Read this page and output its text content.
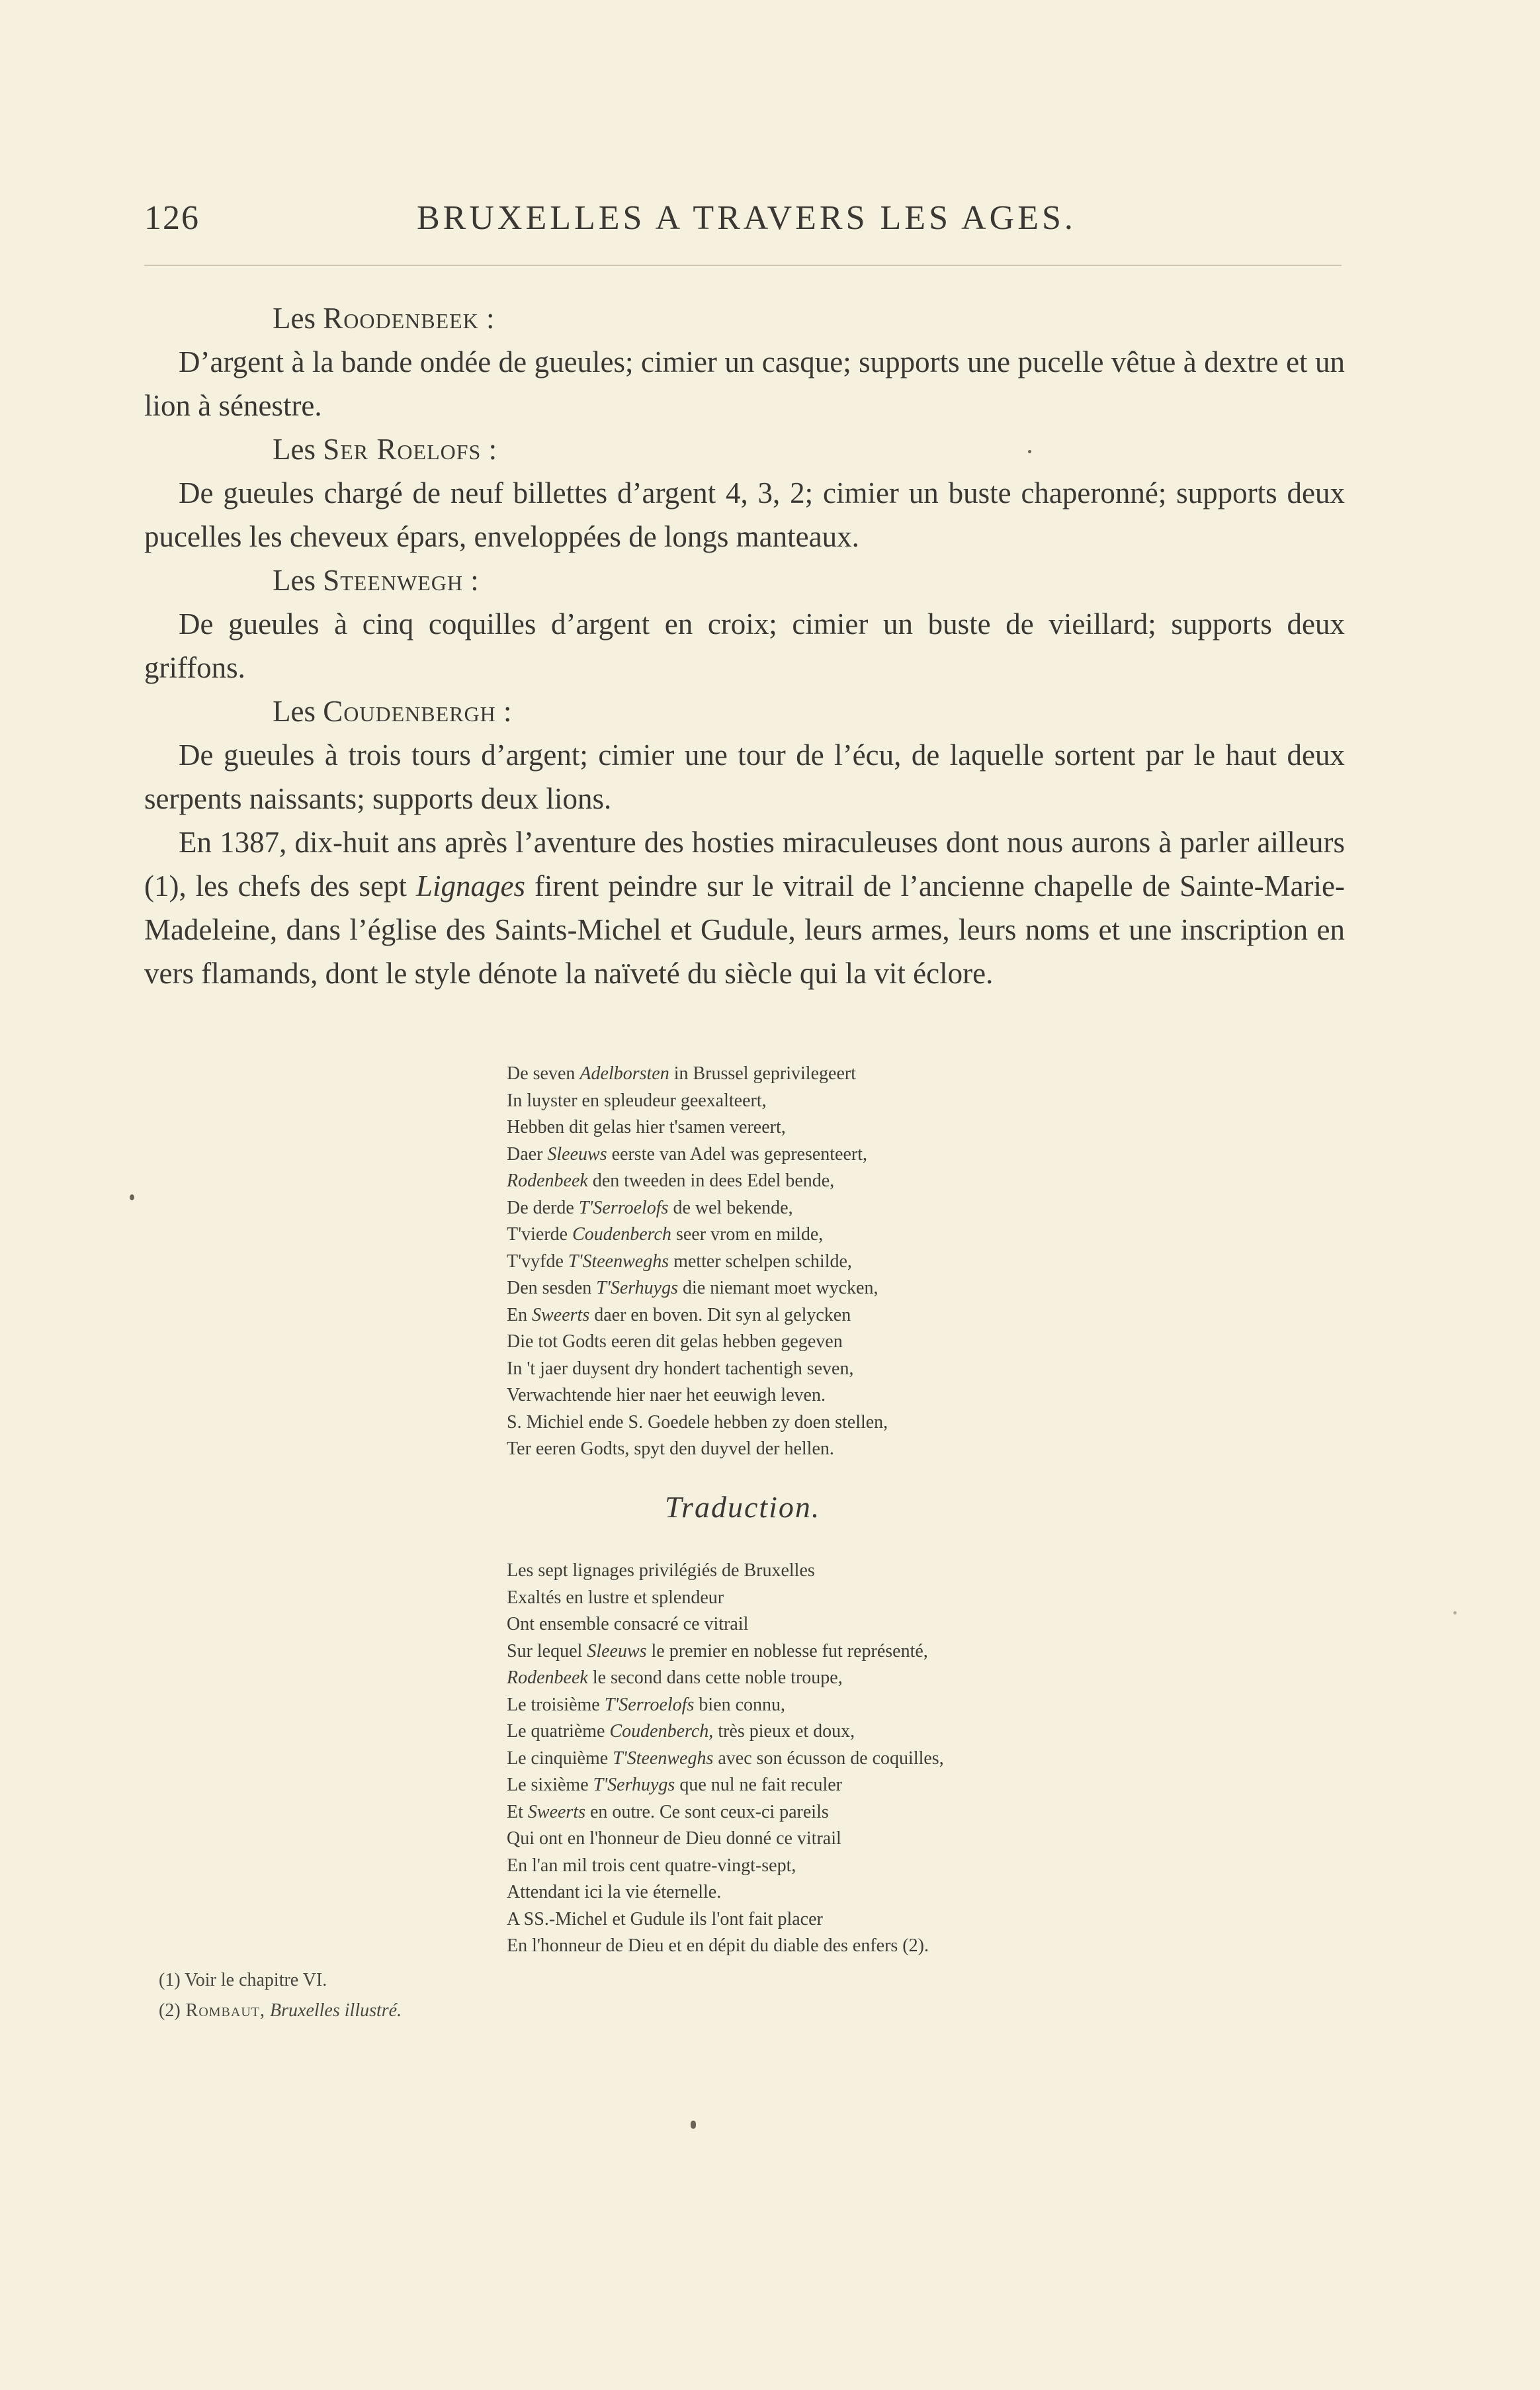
126	BRUXELLES A TRAVERS LES AGES.

Les Roodenbeek :

D’argent à la bande ondée de gueules; cimier un casque; supports une pucelle vêtue à dextre et un lion à sénestre.

Les Ser Roelofs :

De gueules chargé de neuf billettes d’argent 4, 3, 2; cimier un buste chaperonné; supports deux pucelles les cheveux épars, enveloppées de longs manteaux.

Les Steenwegh :

De gueules à cinq coquilles d’argent en croix; cimier un buste de vieillard; supports deux griffons.

Les Coudenbergh :

De gueules à trois tours d’argent; cimier une tour de l’écu, de laquelle sortent par le haut deux serpents naissants; supports deux lions.

En 1387, dix-huit ans après l’aventure des hosties miraculeuses dont nous aurons à parler ailleurs (1), les chefs des sept Lignages firent peindre sur le vitrail de l’ancienne chapelle de Sainte-Marie-Madeleine, dans l’église des Saints-Michel et Gudule, leurs armes, leurs noms et une inscription en vers flamands, dont le style dénote la naïveté du siècle qui la vit éclore.

De seven Adelborsten in Brussel geprivilegeert
In luyster en spleudeur geexalteert,
Hebben dit gelas hier t'samen vereert,
Daer Sleeuws eerste van Adel was gepresenteert,
Rodenbeek den tweeden in dees Edel bende,
De derde T'Serroelofs de wel bekende,
T'vierde Coudenberch seer vrom en milde,
T'vyfde T'Steenweghs metter schelpen schilde,
Den sesden T'Serhuygs die niemant moet wycken,
En Sweerts daer en boven. Dit syn al gelycken
Die tot Godts eeren dit gelas hebben gegeven
In 't jaer duysent dry hondert tachentigh seven,
Verwachtende hier naer het eeuwigh leven.
S. Michiel ende S. Goedele hebben zy doen stellen,
Ter eeren Godts, spyt den duyvel der hellen.
Traduction.
Les sept lignages privilégiés de Bruxelles
Exaltés en lustre et splendeur
Ont ensemble consacré ce vitrail
Sur lequel Sleeuws le premier en noblesse fut représenté,
Rodenbeek le second dans cette noble troupe,
Le troisième T'Serroelofs bien connu,
Le quatrième Coudenberch, très pieux et doux,
Le cinquième T'Steenweghs avec son écusson de coquilles,
Le sixième T'Serhuygs que nul ne fait reculer
Et Sweerts en outre. Ce sont ceux-ci pareils
Qui ont en l'honneur de Dieu donné ce vitrail
En l'an mil trois cent quatre-vingt-sept,
Attendant ici la vie éternelle.
A SS.-Michel et Gudule ils l'ont fait placer
En l'honneur de Dieu et en dépit du diable des enfers (2).
(1) Voir le chapitre VI.
(2) Rombaut, Bruxelles illustré.
